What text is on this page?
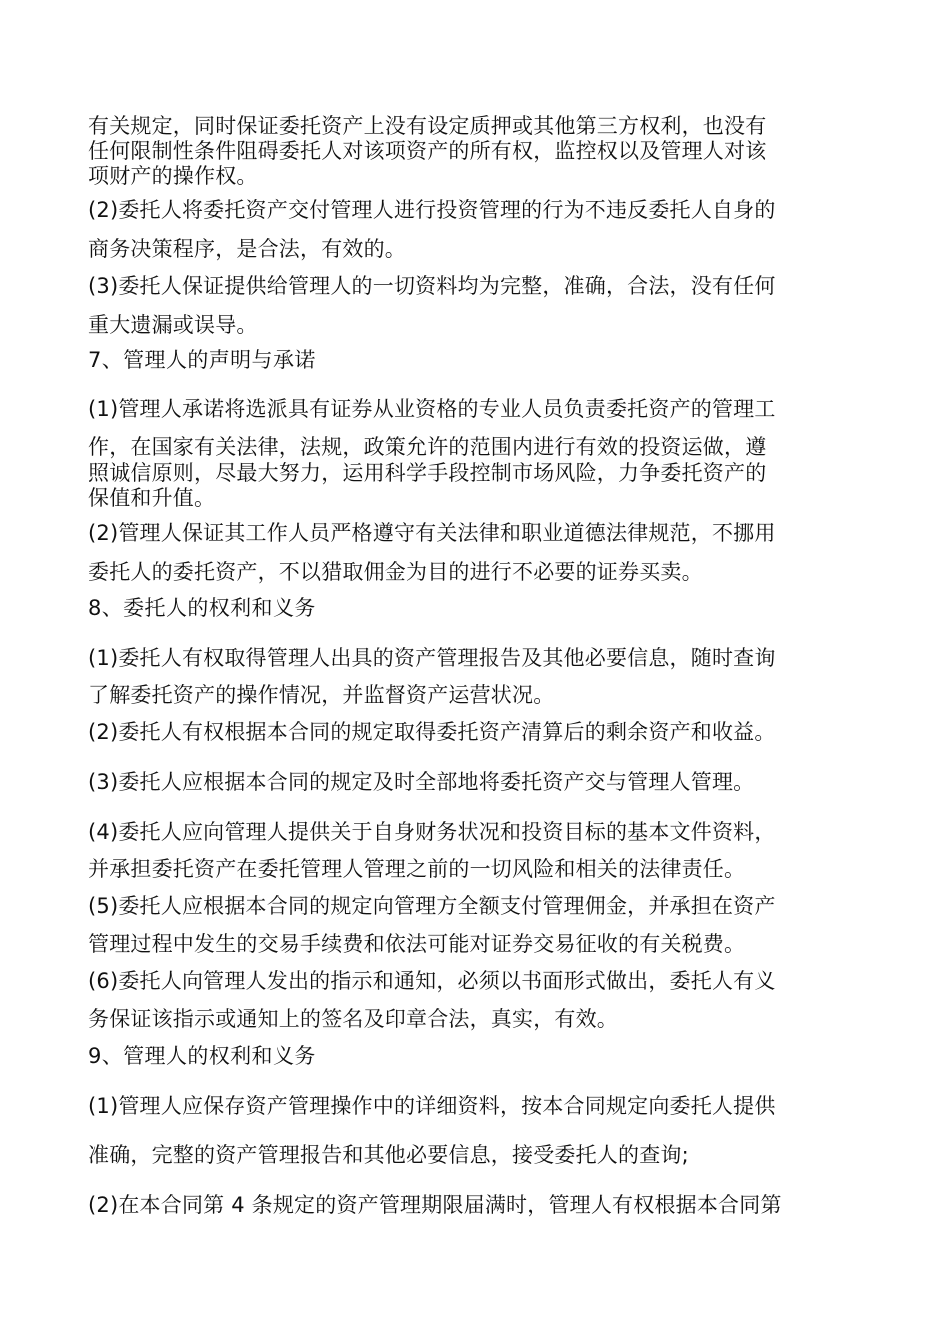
有关规定，同时保证委托资产上没有设定质押或其他第三方权利，也没有
任何限制性条件阻碍委托人对该项资产的所有权，监控权以及管理人对该
项财产的操作权。
(2)委托人将委托资产交付管理人进行投资管理的行为不违反委托人自身的
商务决策程序，是合法，有效的。
(3)委托人保证提供给管理人的一切资料均为完整，准确，合法，没有任何
重大遗漏或误导。
7、管理人的声明与承诺
(1)管理人承诺将选派具有证券从业资格的专业人员负责委托资产的管理工
作，在国家有关法律，法规，政策允许的范围内进行有效的投资运做，遵
照诚信原则，尽最大努力，运用科学手段控制市场风险，力争委托资产的
保值和升值。
(2)管理人保证其工作人员严格遵守有关法律和职业道德法律规范，不挪用
委托人的委托资产，不以猎取佣金为目的进行不必要的证券买卖。
8、委托人的权利和义务
(1)委托人有权取得管理人出具的资产管理报告及其他必要信息，随时查询
了解委托资产的操作情况，并监督资产运营状况。
(2)委托人有权根据本合同的规定取得委托资产清算后的剩余资产和收益。
(3)委托人应根据本合同的规定及时全部地将委托资产交与管理人管理。
(4)委托人应向管理人提供关于自身财务状况和投资目标的基本文件资料，
并承担委托资产在委托管理人管理之前的一切风险和相关的法律责任。
(5)委托人应根据本合同的规定向管理方全额支付管理佣金，并承担在资产
管理过程中发生的交易手续费和依法可能对证券交易征收的有关税费。
(6)委托人向管理人发出的指示和通知，必须以书面形式做出，委托人有义
务保证该指示或通知上的签名及印章合法，真实，有效。
9、管理人的权利和义务
(1)管理人应保存资产管理操作中的详细资料，按本合同规定向委托人提供
准确，完整的资产管理报告和其他必要信息，接受委托人的查询;
(2)在本合同第 4 条规定的资产管理期限届满时，管理人有权根据本合同第
